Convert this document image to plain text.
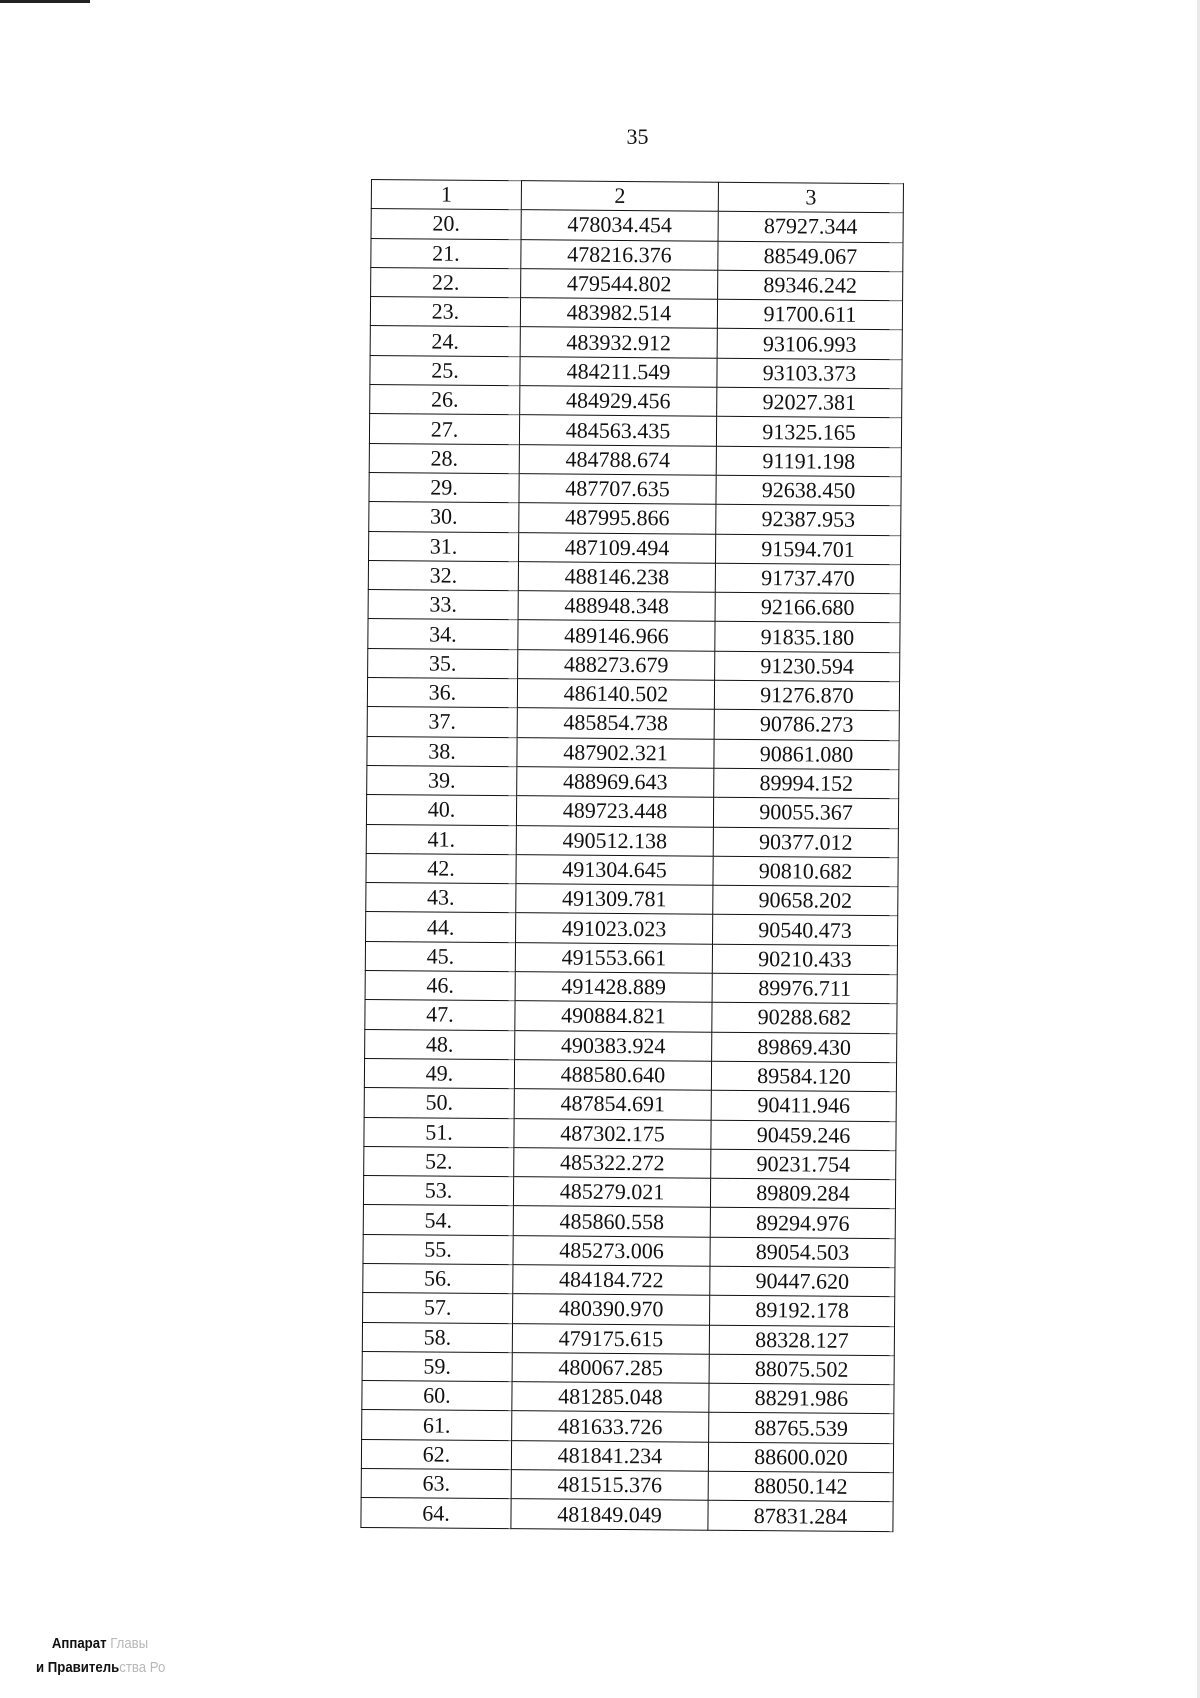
35
1	2	3
20.	478034.454	87927.344
21.	478216.376	88549.067
22.	479544.802	89346.242
23.	483982.514	91700.611
24.	483932.912	93106.993
25.	484211.549	93103.373
26.	484929.456	92027.381
27.	484563.435	91325.165
28.	484788.674	91191.198
29.	487707.635	92638.450
30.	487995.866	92387.953
31.	487109.494	91594.701
32.	488146.238	91737.470
33.	488948.348	92166.680
34.	489146.966	91835.180
35.	488273.679	91230.594
36.	486140.502	91276.870
37.	485854.738	90786.273
38.	487902.321	90861.080
39.	488969.643	89994.152
40.	489723.448	90055.367
41.	490512.138	90377.012
42.	491304.645	90810.682
43.	491309.781	90658.202
44.	491023.023	90540.473
45.	491553.661	90210.433
46.	491428.889	89976.711
47.	490884.821	90288.682
48.	490383.924	89869.430
49.	488580.640	89584.120
50.	487854.691	90411.946
51.	487302.175	90459.246
52.	485322.272	90231.754
53.	485279.021	89809.284
54.	485860.558	89294.976
55.	485273.006	89054.503
56.	484184.722	90447.620
57.	480390.970	89192.178
58.	479175.615	88328.127
59.	480067.285	88075.502
60.	481285.048	88291.986
61.	481633.726	88765.539
62.	481841.234	88600.020
63.	481515.376	88050.142
64.	481849.049	87831.284
Аппарат Главы
и Правительства Ро
